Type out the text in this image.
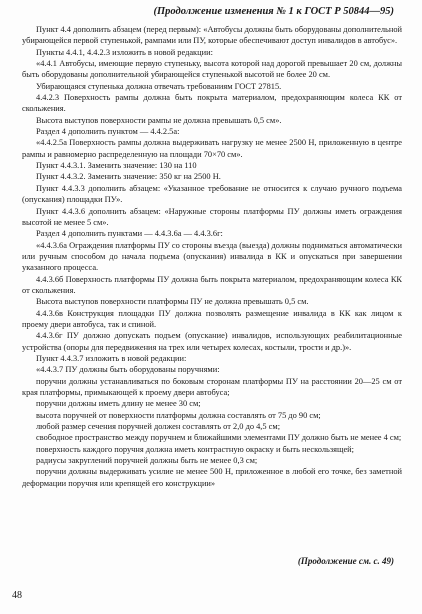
(Продолжение изменения № 1 к ГОСТ Р 50844—95)

Пункт 4.4 дополнить абзацем (перед первым): «Автобусы должны быть оборудованы дополнительной убирающейся первой ступенькой, рампами или ПУ, которые обеспечивают доступ инвалидов в автобус».

Пункты 4.4.1, 4.4.2.3 изложить в новой редакции:

«4.4.1 Автобусы, имеющие первую ступеньку, высота которой над дорогой превышает 20 см, должны быть оборудованы дополнительной убирающейся ступенькой высотой не более 20 см.

Убирающаяся ступенька должна отвечать требованиям ГОСТ 27815.

4.4.2.3 Поверхность рампы должна быть покрыта материалом, предохраняющим колеса КК от скольжения.

Высота выступов поверхности рампы не должна превышать 0,5 см».

Раздел 4 дополнить пунктом — 4.4.2.5а:

«4.4.2.5а Поверхность рампы должна выдерживать нагрузку не менее 2500 Н, приложенную в центре рампы и равномерно распределенную на площади 70×70 см».

Пункт 4.4.3.1. Заменить значение: 130 на 110

Пункт 4.4.3.2. Заменить значение: 350 кг на 2500 Н.

Пункт 4.4.3.3 дополнить абзацем: «Указанное требование не относится к случаю ручного подъема (опускания) площадки ПУ».

Пункт 4.4.3.6 дополнить абзацем: «Наружные стороны платформы ПУ должны иметь ограждения высотой не менее 5 см».

Раздел 4 дополнить пунктами — 4.4.3.6а — 4.4.3.6г:

«4.4.3.6а Ограждения платформы ПУ со стороны въезда (выезда) должны подниматься автоматически или ручным способом до начала подъема (опускания) инвалида в КК и опускаться при завершении указанного процесса.

4.4.3.6б Поверхность платформы ПУ должна быть покрыта материалом, предохраняющим колеса КК от скольжения.

Высота выступов поверхности платформы ПУ не должна превышать 0,5 см.

4.4.3.6в Конструкция площадки ПУ должна позволять размещение инвалида в КК как лицом к проему двери автобуса, так и спиной.

4.4.3.6г ПУ должно допускать подъем (опускание) инвалидов, использующих реабилитационные устройства (опоры для передвижения на трех или четырех колесах, костыли, трости и др.)».

Пункт 4.4.3.7 изложить в новой редакции:

«4.4.3.7 ПУ должны быть оборудованы поручнями:

поручни должны устанавливаться по боковым сторонам платформы ПУ на расстоянии 20—25 см от края платформы, примыкающей к проему двери автобуса;

поручни должны иметь длину не менее 30 см;

высота поручней от поверхности платформы должна составлять от 75 до 90 см;

любой размер сечения поручней должен составлять от 2,0 до 4,5 см;

свободное пространство между поручнем и ближайшими элементами ПУ должно быть не менее 4 см;

поверхность каждого поручня должна иметь контрастную окраску и быть нескользящей;

радиусы закруглений поручней должны быть не менее 0,3 см;

поручни должны выдерживать усилие не менее 500 Н, приложенное в любой его точке, без заметной деформации поручня или крепящей его конструкции»

(Продолжение см. с. 49)
48
